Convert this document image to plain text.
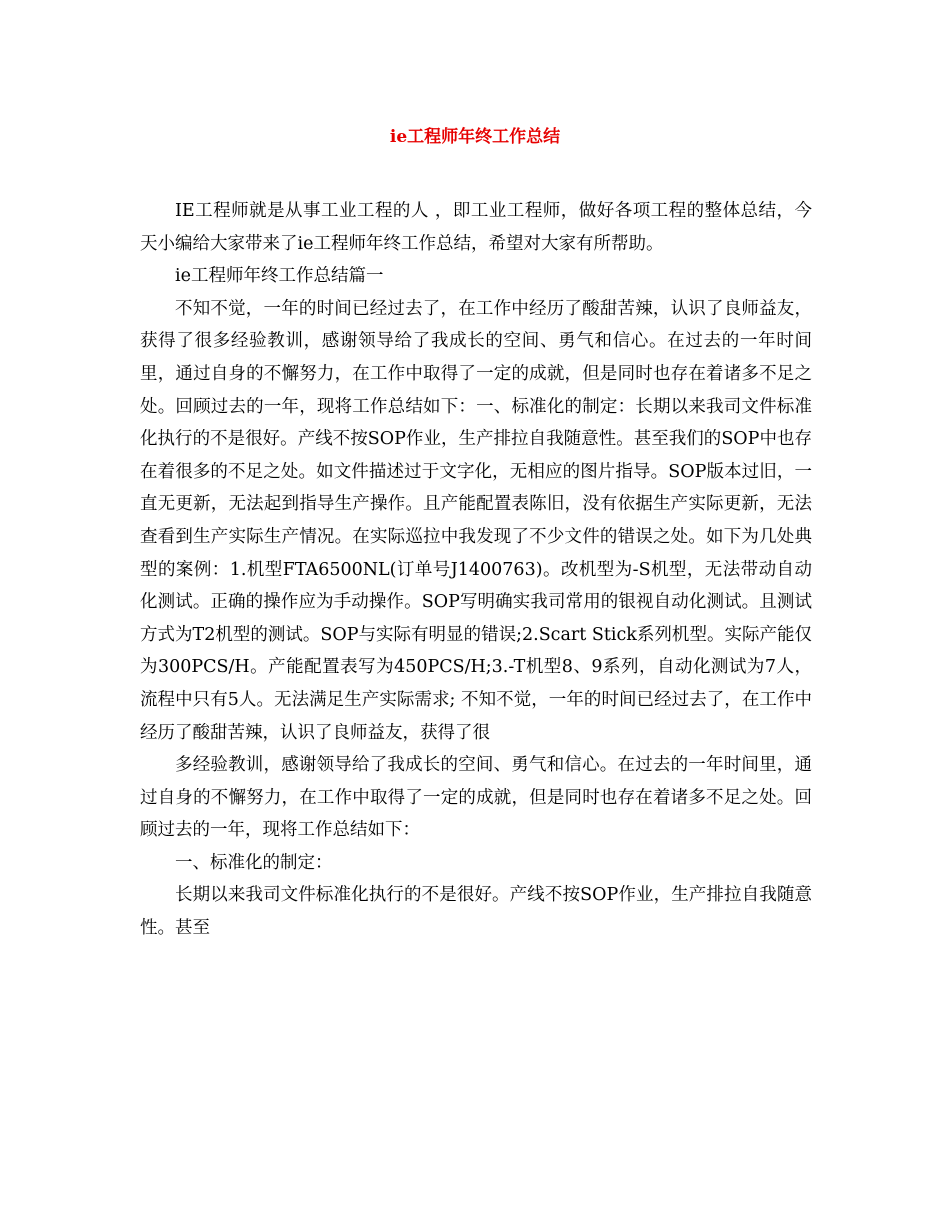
ie工程师年终工作总结

IE工程师就是从事工业工程的人 ，即工业工程师，做好各项工程的整体总结，今天小编给大家带来了ie工程师年终工作总结，希望对大家有所帮助。

ie工程师年终工作总结篇一

不知不觉，一年的时间已经过去了，在工作中经历了酸甜苦辣，认识了良师益友，获得了很多经验教训，感谢领导给了我成长的空间、勇气和信心。在过去的一年时间里，通过自身的不懈努力，在工作中取得了一定的成就，但是同时也存在着诸多不足之处。回顾过去的一年，现将工作总结如下：一、标准化的制定：长期以来我司文件标准化执行的不是很好。产线不按SOP作业，生产排拉自我随意性。甚至我们的SOP中也存在着很多的不足之处。如文件描述过于文字化，无相应的图片指导。SOP版本过旧，一直无更新，无法起到指导生产操作。且产能配置表陈旧，没有依据生产实际更新，无法查看到生产实际生产情况。在实际巡拉中我发现了不少文件的错误之处。如下为几处典型的案例：1.机型FTA6500NL(订单号J1400763)。改机型为-S机型，无法带动自动化测试。正确的操作应为手动操作。SOP写明确实我司常用的银视自动化测试。且测试方式为T2机型的测试。SOP与实际有明显的错误;2.Scart Stick系列机型。实际产能仅为300PCS/H。产能配置表写为450PCS/H;3.-T机型8、9系列，自动化测试为7人，流程中只有5人。无法满足生产实际需求; 不知不觉，一年的时间已经过去了，在工作中经历了酸甜苦辣，认识了良师益友，获得了很

多经验教训，感谢领导给了我成长的空间、勇气和信心。在过去的一年时间里，通过自身的不懈努力，在工作中取得了一定的成就，但是同时也存在着诸多不足之处。回顾过去的一年，现将工作总结如下：

一、标准化的制定：

长期以来我司文件标准化执行的不是很好。产线不按SOP作业，生产排拉自我随意性。甚至
